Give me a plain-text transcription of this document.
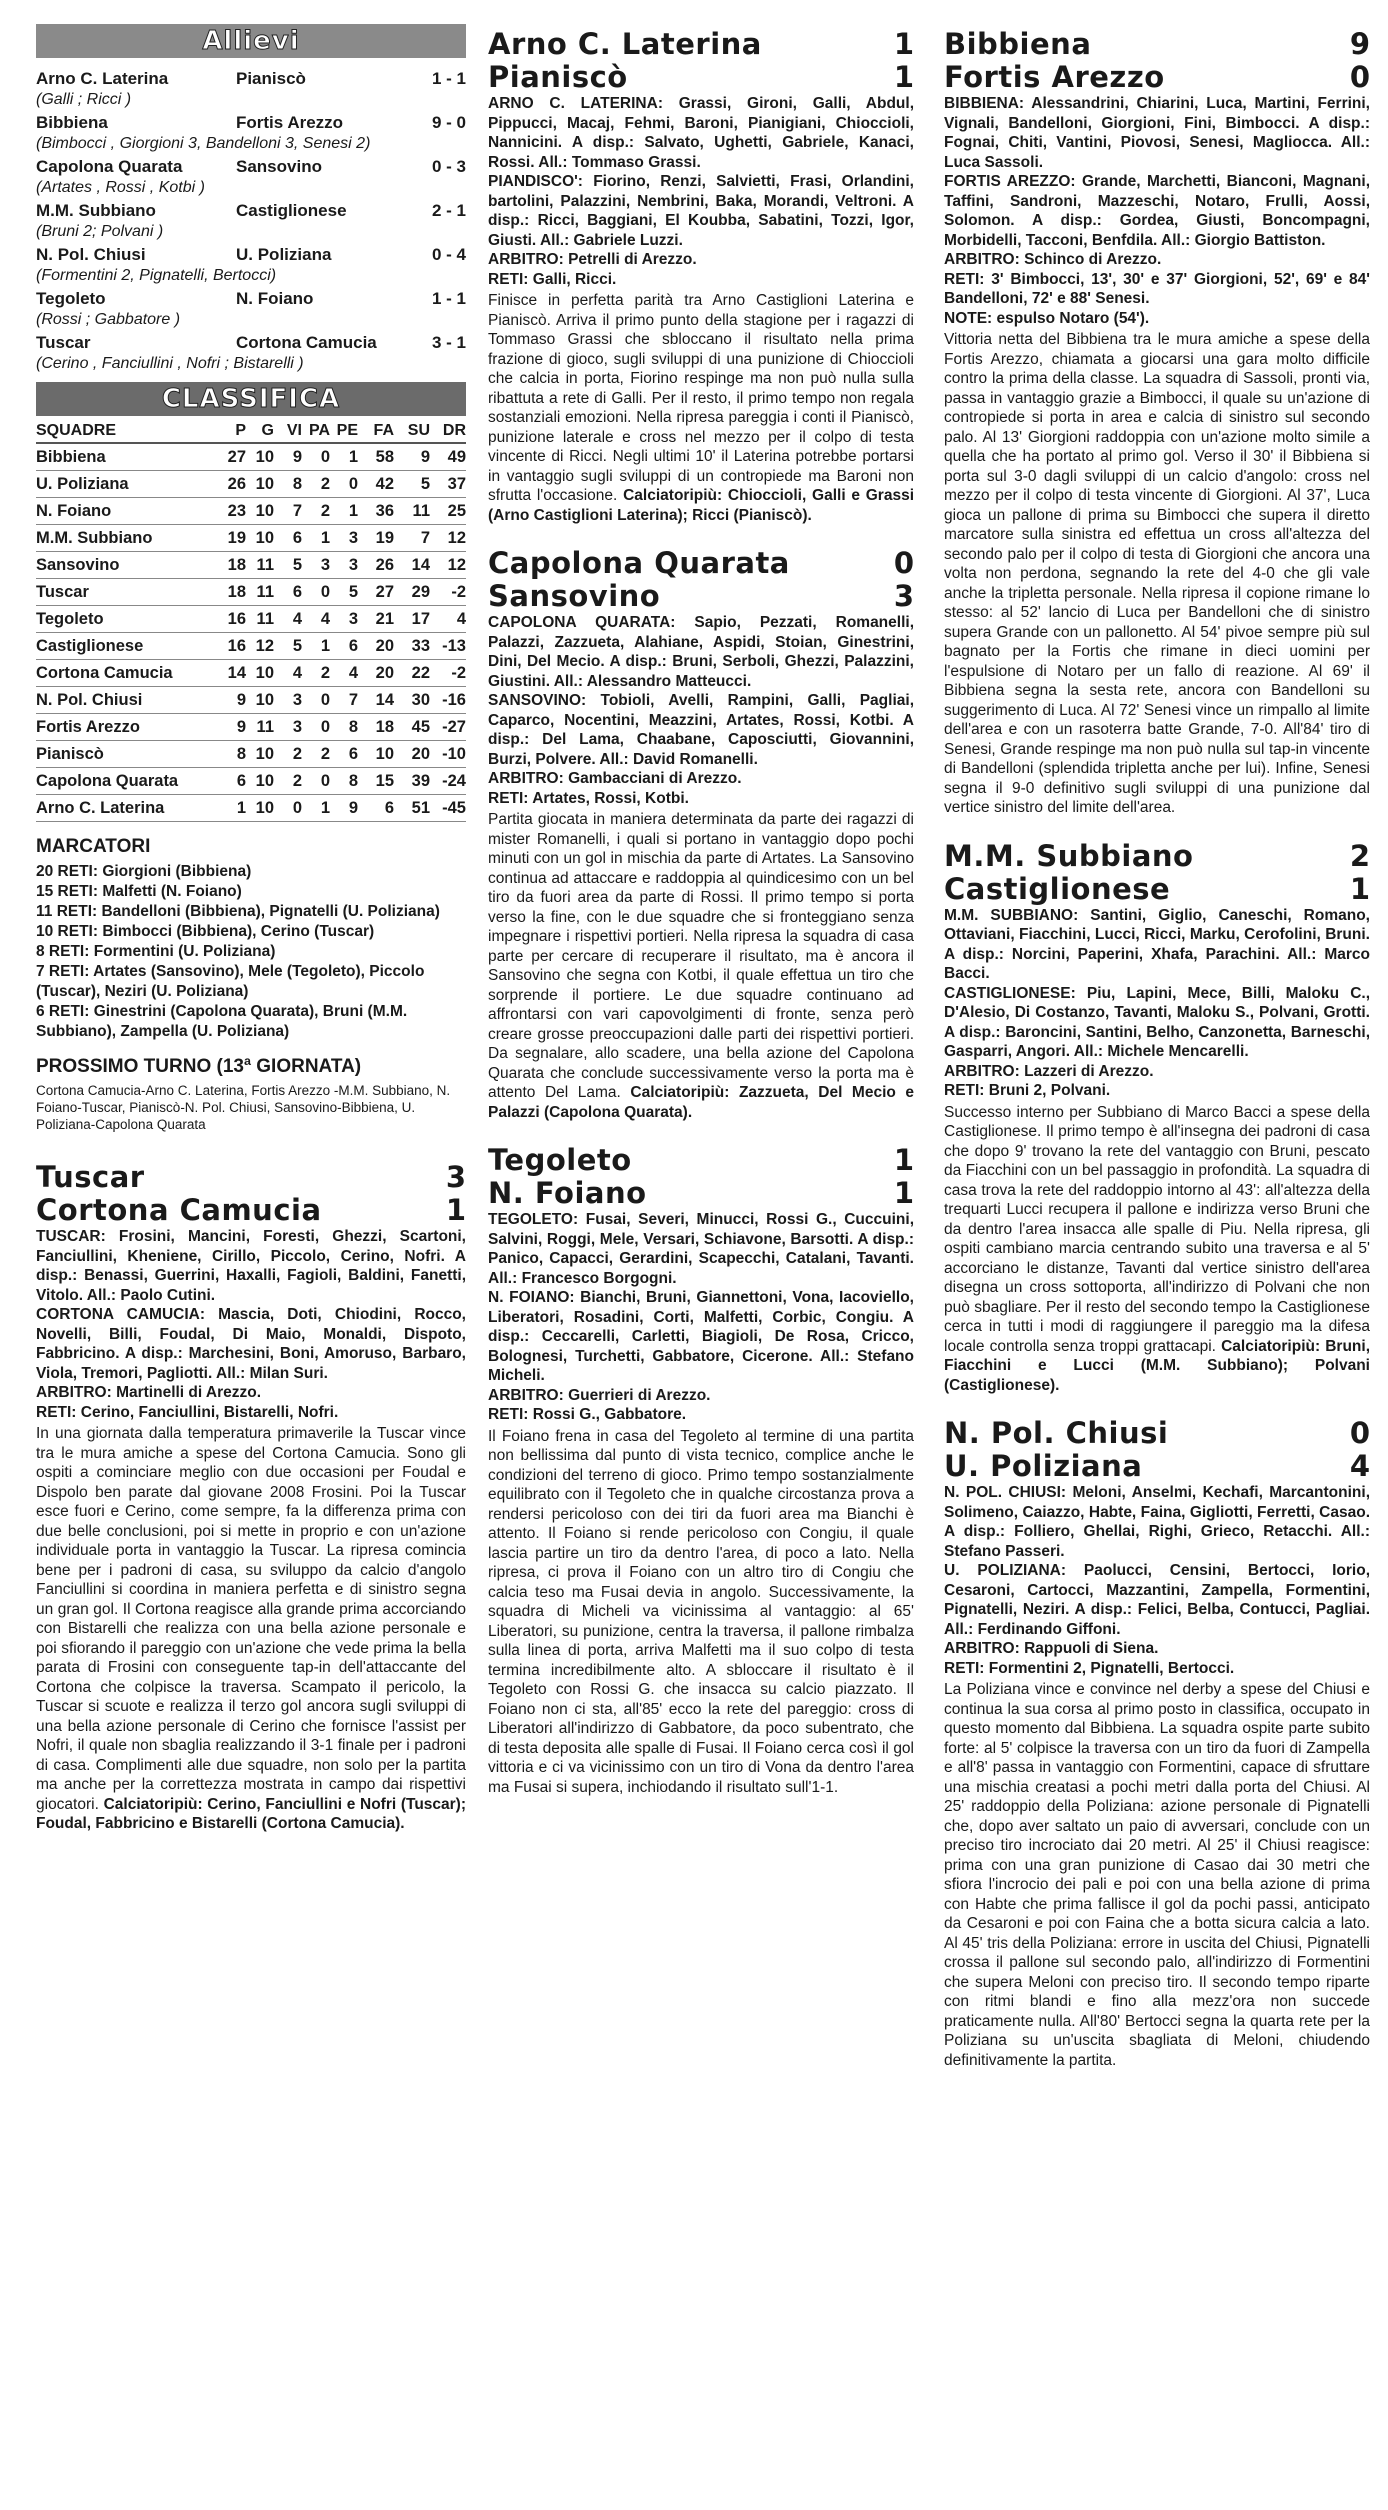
Allievi
Arno C. Laterina	Pianiscò	1 - 1
(Galli ; Ricci )
Bibbiena	Fortis Arezzo	9 - 0
(Bimbocci , Giorgioni 3, Bandelloni 3, Senesi 2)
Capolona Quarata	Sansovino	0 - 3
(Artates , Rossi , Kotbi )
M.M. Subbiano	Castiglionese	2 - 1
(Bruni 2; Polvani )
N. Pol. Chiusi	U. Poliziana	0 - 4
(Formentini 2, Pignatelli, Bertocci)
Tegoleto	N. Foiano	1 - 1
(Rossi ; Gabbatore )
Tuscar	Cortona Camucia	3 - 1
(Cerino , Fanciullini , Nofri ; Bistarelli )
CLASSIFICA
SQUADRE	P	G	VI	PA	PE	FA	SU	DR
Bibbiena	27	10	9	0	1	58	9	49
U. Poliziana	26	10	8	2	0	42	5	37
N. Foiano	23	10	7	2	1	36	11	25
M.M. Subbiano	19	10	6	1	3	19	7	12
Sansovino	18	11	5	3	3	26	14	12
Tuscar	18	11	6	0	5	27	29	-2
Tegoleto	16	11	4	4	3	21	17	4
Castiglionese	16	12	5	1	6	20	33	-13
Cortona Camucia	14	10	4	2	4	20	22	-2
N. Pol. Chiusi	9	10	3	0	7	14	30	-16
Fortis Arezzo	9	11	3	0	8	18	45	-27
Pianiscò	8	10	2	2	6	10	20	-10
Capolona Quarata	6	10	2	0	8	15	39	-24
Arno C. Laterina	1	10	0	1	9	6	51	-45
MARCATORI
20 RETI: Giorgioni (Bibbiena)
15 RETI: Malfetti (N. Foiano)
11 RETI: Bandelloni (Bibbiena), Pignatelli (U. Poliziana)
10 RETI: Bimbocci (Bibbiena), Cerino (Tuscar)
8 RETI: Formentini (U. Poliziana)
7 RETI: Artates (Sansovino), Mele (Tegoleto), Piccolo (Tuscar), Neziri (U. Poliziana)
6 RETI: Ginestrini (Capolona Quarata), Bruni (M.M. Subbiano), Zampella (U. Poliziana)
PROSSIMO TURNO (13ª GIORNATA)
Cortona Camucia-Arno C. Laterina, Fortis Arezzo -M.M. Subbiano, N. Foiano-Tuscar, Pianiscò-N. Pol. Chiusi, Sansovino-Bibbiena, U. Poliziana-Capolona Quarata
Tuscar	3
Cortona Camucia	1
TUSCAR: Frosini, Mancini, Foresti, Ghezzi, Scartoni, Fanciullini, Kheniene, Cirillo, Piccolo, Cerino, Nofri. A disp.: Benassi, Guerrini, Haxalli, Fagioli, Baldini, Fanetti, Vitolo. All.: Paolo Cutini.
CORTONA CAMUCIA: Mascia, Doti, Chiodini, Rocco, Novelli, Billi, Foudal, Di Maio, Monaldi, Dispoto, Fabbricino. A disp.: Marchesini, Boni, Amoruso, Barbaro, Viola, Tremori, Pagliotti. All.: Milan Suri.
ARBITRO: Martinelli di Arezzo.
RETI: Cerino, Fanciullini, Bistarelli, Nofri.
In una giornata dalla temperatura primaverile la Tuscar vince tra le mura amiche a spese del Cortona Camucia. Sono gli ospiti a cominciare meglio con due occasioni per Foudal e Dispolo ben parate dal giovane 2008 Frosini. Poi la Tuscar esce fuori e Cerino, come sempre, fa la differenza prima con due belle conclusioni, poi si mette in proprio e con un'azione individuale porta in vantaggio la Tuscar. La ripresa comincia bene per i padroni di casa, su sviluppo da calcio d'angolo Fanciullini si coordina in maniera perfetta e di sinistro segna un gran gol. Il Cortona reagisce alla grande prima accorciando con Bistarelli che realizza con una bella azione personale e poi sfiorando il pareggio con un'azione che vede prima la bella parata di Frosini con conseguente tap-in dell'attaccante del Cortona che colpisce la traversa. Scampato il pericolo, la Tuscar si scuote e realizza il terzo gol ancora sugli sviluppi di una bella azione personale di Cerino che fornisce l'assist per Nofri, il quale non sbaglia realizzando il 3-1 finale per i padroni di casa. Complimenti alle due squadre, non solo per la partita ma anche per la correttezza mostrata in campo dai rispettivi giocatori. Calciatoripiù: Cerino, Fanciullini e Nofri (Tuscar); Foudal, Fabbricino e Bistarelli (Cortona Camucia).
Arno C. Laterina	1
Pianiscò	1
ARNO C. LATERINA: Grassi, Gironi, Galli, Abdul, Pippucci, Macaj, Fehmi, Baroni, Pianigiani, Chioccioli, Nannicini. A disp.: Salvato, Ughetti, Gabriele, Kanaci, Rossi. All.: Tommaso Grassi.
PIANDISCO': Fiorino, Renzi, Salvietti, Frasi, Orlandini, bartolini, Palazzini, Nembrini, Baka, Morandi, Veltroni. A disp.: Ricci, Baggiani, El Koubba, Sabatini, Tozzi, Igor, Giusti. All.: Gabriele Luzzi.
ARBITRO: Petrelli di Arezzo.
RETI: Galli, Ricci.
Finisce in perfetta parità tra Arno Castiglioni Laterina e Pianiscò. Arriva il primo punto della stagione per i ragazzi di Tommaso Grassi che sbloccano il risultato nella prima frazione di gioco, sugli sviluppi di una punizione di Chioccioli che calcia in porta, Fiorino respinge ma non può nulla sulla ribattuta a rete di Galli. Per il resto, il primo tempo non regala sostanziali emozioni. Nella ripresa pareggia i conti il Pianiscò, punizione laterale e cross nel mezzo per il colpo di testa vincente di Ricci. Negli ultimi 10' il Laterina potrebbe portarsi in vantaggio sugli sviluppi di un contropiede ma Baroni non sfrutta l'occasione. Calciatoripiù: Chioccioli, Galli e Grassi (Arno Castiglioni Laterina); Ricci (Pianiscò).
Capolona Quarata	0
Sansovino	3
CAPOLONA QUARATA: Sapio, Pezzati, Romanelli, Palazzi, Zazzueta, Alahiane, Aspidi, Stoian, Ginestrini, Dini, Del Mecio. A disp.: Bruni, Serboli, Ghezzi, Palazzini, Giustini. All.: Alessandro Matteucci.
SANSOVINO: Tobioli, Avelli, Rampini, Galli, Pagliai, Caparco, Nocentini, Meazzini, Artates, Rossi, Kotbi. A disp.: Del Lama, Chaabane, Caposciutti, Giovannini, Burzi, Polvere. All.: David Romanelli.
ARBITRO: Gambacciani di Arezzo.
RETI: Artates, Rossi, Kotbi.
Partita giocata in maniera determinata da parte dei ragazzi di mister Romanelli, i quali si portano in vantaggio dopo pochi minuti con un gol in mischia da parte di Artates. La Sansovino continua ad attaccare e raddoppia al quindicesimo con un bel tiro da fuori area da parte di Rossi. Il primo tempo si porta verso la fine, con le due squadre che si fronteggiano senza impegnare i rispettivi portieri. Nella ripresa la squadra di casa parte per cercare di recuperare il risultato, ma è ancora il Sansovino che segna con Kotbi, il quale effettua un tiro che sorprende il portiere. Le due squadre continuano ad affrontarsi con vari capovolgimenti di fronte, senza però creare grosse preoccupazioni dalle parti dei rispettivi portieri. Da segnalare, allo scadere, una bella azione del Capolona Quarata che conclude successivamente verso la porta ma è attento Del Lama. Calciatoripiù: Zazzueta, Del Mecio e Palazzi (Capolona Quarata).
Tegoleto	1
N. Foiano	1
TEGOLETO: Fusai, Severi, Minucci, Rossi G., Cuccuini, Salvini, Roggi, Mele, Versari, Schiavone, Barsotti. A disp.: Panico, Capacci, Gerardini, Scapecchi, Catalani, Tavanti. All.: Francesco Borgogni.
N. FOIANO: Bianchi, Bruni, Giannettoni, Vona, Iacoviello, Liberatori, Rosadini, Corti, Malfetti, Corbic, Congiu. A disp.: Ceccarelli, Carletti, Biagioli, De Rosa, Cricco, Bolognesi, Turchetti, Gabbatore, Cicerone. All.: Stefano Micheli.
ARBITRO: Guerrieri di Arezzo.
RETI: Rossi G., Gabbatore.
Il Foiano frena in casa del Tegoleto al termine di una partita non bellissima dal punto di vista tecnico, complice anche le condizioni del terreno di gioco. Primo tempo sostanzialmente equilibrato con il Tegoleto che in qualche circostanza prova a rendersi pericoloso con dei tiri da fuori area ma Bianchi è attento. Il Foiano si rende pericoloso con Congiu, il quale lascia partire un tiro da dentro l'area, di poco a lato. Nella ripresa, ci prova il Foiano con un altro tiro di Congiu che calcia teso ma Fusai devia in angolo. Successivamente, la squadra di Micheli va vicinissima al vantaggio: al 65' Liberatori, su punizione, centra la traversa, il pallone rimbalza sulla linea di porta, arriva Malfetti ma il suo colpo di testa termina incredibilmente alto. A sbloccare il risultato è il Tegoleto con Rossi G. che insacca su calcio piazzato. Il Foiano non ci sta, all'85' ecco la rete del pareggio: cross di Liberatori all'indirizzo di Gabbatore, da poco subentrato, che di testa deposita alle spalle di Fusai. Il Foiano cerca così il gol vittoria e ci va vicinissimo con un tiro di Vona da dentro l'area ma Fusai si supera, inchiodando il risultato sull'1-1.
Bibbiena	9
Fortis Arezzo	0
BIBBIENA: Alessandrini, Chiarini, Luca, Martini, Ferrini, Vignali, Bandelloni, Giorgioni, Fini, Bimbocci. A disp.: Fognai, Chiti, Vantini, Piovosi, Senesi, Magliocca. All.: Luca Sassoli.
FORTIS AREZZO: Grande, Marchetti, Bianconi, Magnani, Taffini, Sandroni, Mazzeschi, Notaro, Frulli, Aossi, Solomon. A disp.: Gordea, Giusti, Boncompagni, Morbidelli, Tacconi, Benfdila. All.: Giorgio Battiston.
ARBITRO: Schinco di Arezzo.
RETI: 3' Bimbocci, 13', 30' e 37' Giorgioni, 52', 69' e 84' Bandelloni, 72' e 88' Senesi.
NOTE: espulso Notaro (54').
Vittoria netta del Bibbiena tra le mura amiche a spese della Fortis Arezzo, chiamata a giocarsi una gara molto difficile contro la prima della classe. La squadra di Sassoli, pronti via, passa in vantaggio grazie a Bimbocci, il quale su un'azione di contropiede si porta in area e calcia di sinistro sul secondo palo. Al 13' Giorgioni raddoppia con un'azione molto simile a quella che ha portato al primo gol. Verso il 30' il Bibbiena si porta sul 3-0 dagli sviluppi di un calcio d'angolo: cross nel mezzo per il colpo di testa vincente di Giorgioni. Al 37', Luca gioca un pallone di prima su Bimbocci che supera il diretto marcatore sulla sinistra ed effettua un cross all'altezza del secondo palo per il colpo di testa di Giorgioni che ancora una volta non perdona, segnando la rete del 4-0 che gli vale anche la tripletta personale. Nella ripresa il copione rimane lo stesso: al 52' lancio di Luca per Bandelloni che di sinistro supera Grande con un pallonetto. Al 54' pivoe sempre più sul bagnato per la Fortis che rimane in dieci uomini per l'espulsione di Notaro per un fallo di reazione. Al 69' il Bibbiena segna la sesta rete, ancora con Bandelloni su suggerimento di Luca. Al 72' Senesi vince un rimpallo al limite dell'area e con un rasoterra batte Grande, 7-0. All'84' tiro di Senesi, Grande respinge ma non può nulla sul tap-in vincente di Bandelloni (splendida tripletta anche per lui). Infine, Senesi segna il 9-0 definitivo sugli sviluppi di una punizione dal vertice sinistro del limite dell'area.
M.M. Subbiano	2
Castiglionese	1
M.M. SUBBIANO: Santini, Giglio, Caneschi, Romano, Ottaviani, Fiacchini, Lucci, Ricci, Marku, Cerofolini, Bruni. A disp.: Norcini, Paperini, Xhafa, Parachini. All.: Marco Bacci.
CASTIGLIONESE: Piu, Lapini, Mece, Billi, Maloku C., D'Alesio, Di Costanzo, Tavanti, Maloku S., Polvani, Grotti. A disp.: Baroncini, Santini, Belho, Canzonetta, Barneschi, Gasparri, Angori. All.: Michele Mencarelli.
ARBITRO: Lazzeri di Arezzo.
RETI: Bruni 2, Polvani.
Successo interno per Subbiano di Marco Bacci a spese della Castiglionese. Il primo tempo è all'insegna dei padroni di casa che dopo 9' trovano la rete del vantaggio con Bruni, pescato da Fiacchini con un bel passaggio in profondità. La squadra di casa trova la rete del raddoppio intorno al 43': all'altezza della trequarti Lucci recupera il pallone e indirizza verso Bruni che da dentro l'area insacca alle spalle di Piu. Nella ripresa, gli ospiti cambiano marcia centrando subito una traversa e al 5' accorciano le distanze, Tavanti dal vertice sinistro dell'area disegna un cross sottoporta, all'indirizzo di Polvani che non può sbagliare. Per il resto del secondo tempo la Castiglionese cerca in tutti i modi di raggiungere il pareggio ma la difesa locale controlla senza troppi grattacapi. Calciatoripiù: Bruni, Fiacchini e Lucci (M.M. Subbiano); Polvani (Castiglionese).
N. Pol. Chiusi	0
U. Poliziana	4
N. POL. CHIUSI: Meloni, Anselmi, Kechafi, Marcantonini, Solimeno, Caiazzo, Habte, Faina, Gigliotti, Ferretti, Casao. A disp.: Folliero, Ghellai, Righi, Grieco, Retacchi. All.: Stefano Passeri.
U. POLIZIANA: Paolucci, Censini, Bertocci, Iorio, Cesaroni, Cartocci, Mazzantini, Zampella, Formentini, Pignatelli, Neziri. A disp.: Felici, Belba, Contucci, Pagliai. All.: Ferdinando Giffoni.
ARBITRO: Rappuoli di Siena.
RETI: Formentini 2, Pignatelli, Bertocci.
La Poliziana vince e convince nel derby a spese del Chiusi e continua la sua corsa al primo posto in classifica, occupato in questo momento dal Bibbiena. La squadra ospite parte subito forte: al 5' colpisce la traversa con un tiro da fuori di Zampella e all'8' passa in vantaggio con Formentini, capace di sfruttare una mischia creatasi a pochi metri dalla porta del Chiusi. Al 25' raddoppio della Poliziana: azione personale di Pignatelli che, dopo aver saltato un paio di avversari, conclude con un preciso tiro incrociato dai 20 metri. Al 25' il Chiusi reagisce: prima con una gran punizione di Casao dai 30 metri che sfiora l'incrocio dei pali e poi con una bella azione di prima con Habte che prima fallisce il gol da pochi passi, anticipato da Cesaroni e poi con Faina che a botta sicura calcia a lato. Al 45' tris della Poliziana: errore in uscita del Chiusi, Pignatelli crossa il pallone sul secondo palo, all'indirizzo di Formentini che supera Meloni con preciso tiro. Il secondo tempo riparte con ritmi blandi e fino alla mezz'ora non succede praticamente nulla. All'80' Bertocci segna la quarta rete per la Poliziana su un'uscita sbagliata di Meloni, chiudendo definitivamente la partita.
